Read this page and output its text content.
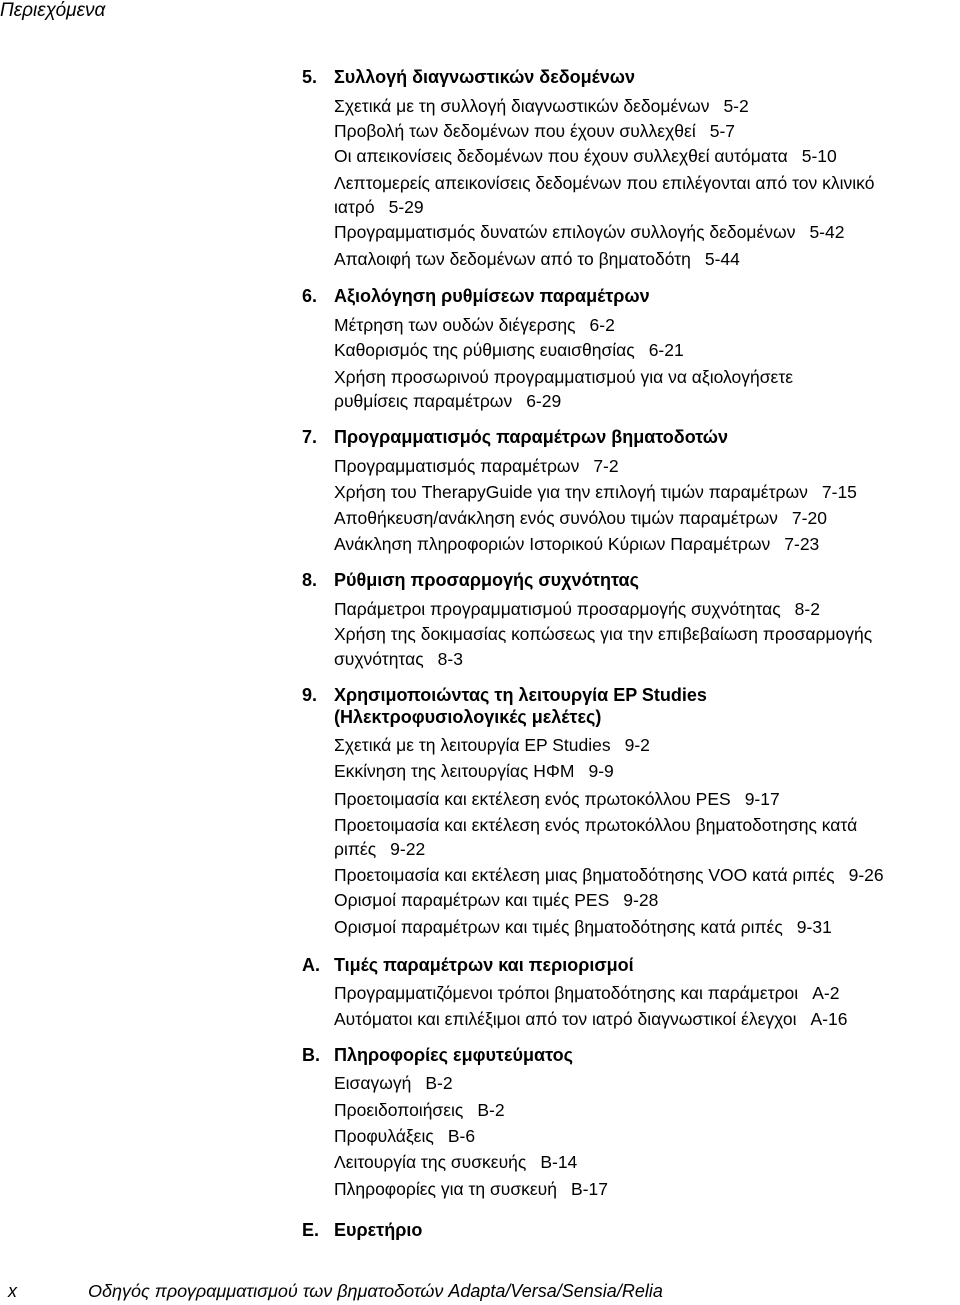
Περιεχόμενα
5. Συλλογή διαγνωστικών δεδομένων
Σχετικά με τη συλλογή διαγνωστικών δεδομένων 5-2
Προβολή των δεδομένων που έχουν συλλεχθεί 5-7
Οι απεικονίσεις δεδομένων που έχουν συλλεχθεί αυτόματα 5-10
Λεπτομερείς απεικονίσεις δεδομένων που επιλέγονται από τον κλινικό
ιατρό 5-29
Προγραμματισμός δυνατών επιλογών συλλογής δεδομένων 5-42
Απαλοιφή των δεδομένων από το βηματοδότη 5-44
6. Αξιολόγηση ρυθμίσεων παραμέτρων
Μέτρηση των ουδών διέγερσης 6-2
Καθορισμός της ρύθμισης ευαισθησίας 6-21
Χρήση προσωρινού προγραμματισμού για να αξιολογήσετε
ρυθμίσεις παραμέτρων 6-29
7. Προγραμματισμός παραμέτρων βηματοδοτών
Προγραμματισμός παραμέτρων 7-2
Χρήση του TherapyGuide για την επιλογή τιμών παραμέτρων 7-15
Αποθήκευση/ανάκληση ενός συνόλου τιμών παραμέτρων 7-20
Ανάκληση πληροφοριών Ιστορικού Κύριων Παραμέτρων 7-23
8. Ρύθμιση προσαρμογής συχνότητας
Παράμετροι προγραμματισμού προσαρμογής συχνότητας 8-2
Χρήση της δοκιμασίας κοπώσεως για την επιβεβαίωση προσαρμογής
συχνότητας 8-3
9. Χρησιμοποιώντας τη λειτουργία EP Studies
(Ηλεκτροφυσιολογικές μελέτες)
Σχετικά με τη λειτουργία EP Studies 9-2
Εκκίνηση της λειτουργίας ΗΦΜ 9-9
Προετοιμασία και εκτέλεση ενός πρωτοκόλλου PES 9-17
Προετοιμασία και εκτέλεση ενός πρωτοκόλλου βηματοδοτησης κατά
ριπές 9-22
Προετοιμασία και εκτέλεση μιας βηματοδότησης VOO κατά ριπές 9-26
Ορισμοί παραμέτρων και τιμές PES 9-28
Ορισμοί παραμέτρων και τιμές βηματοδότησης κατά ριπές 9-31
A. Τιμές παραμέτρων και περιορισμοί
Προγραμματιζόμενοι τρόποι βηματοδότησης και παράμετροι A-2
Αυτόματοι και επιλέξιμοι από τον ιατρό διαγνωστικοί έλεγχοι A-16
B. Πληροφορίες εμφυτεύματος
Εισαγωγή B-2
Προειδοποιήσεις B-2
Προφυλάξεις B-6
Λειτουργία της συσκευής B-14
Πληροφορίες για τη συσκευή B-17
E. Ευρετήριο
x	Οδηγός προγραμματισμού των βηματοδοτών Adapta/Versa/Sensia/Relia
